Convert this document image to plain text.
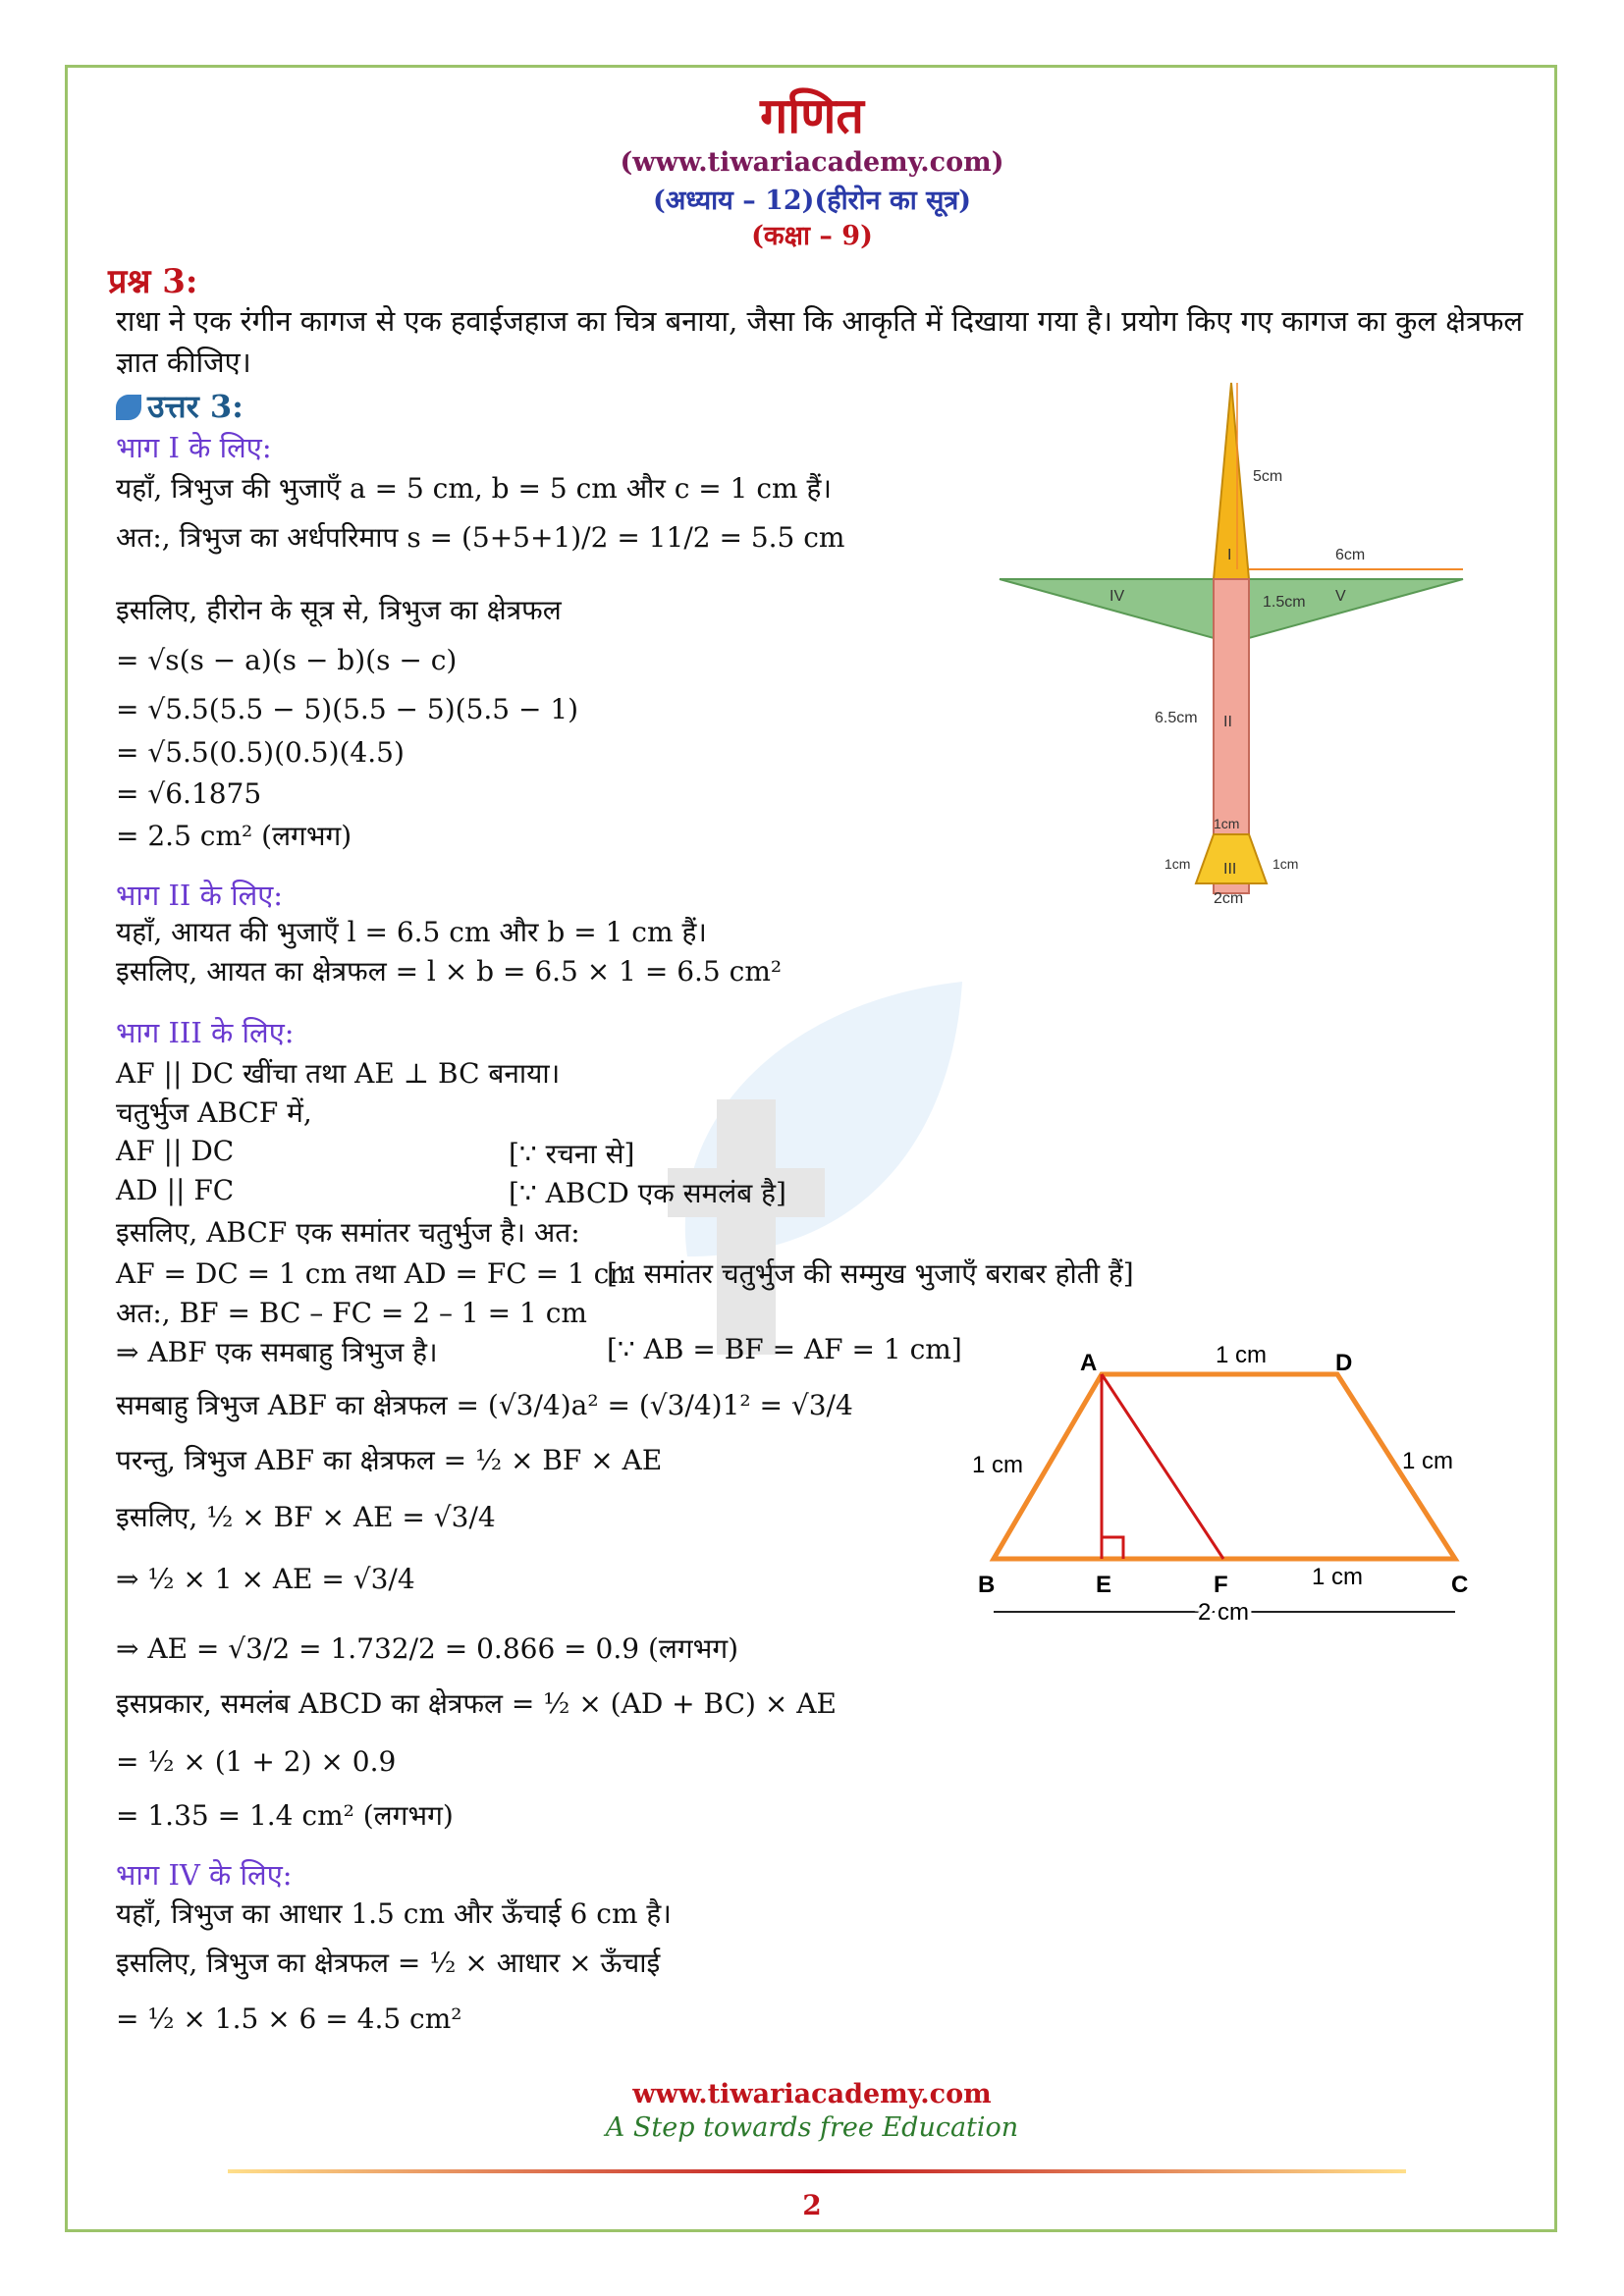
गणित
(www.tiwariacademy.com)
(अध्याय – 12)(हीरोन का सूत्र)
(कक्षा – 9)
प्रश्न 3:
राधा ने एक रंगीन कागज से एक हवाईजहाज का चित्र बनाया, जैसा कि आकृति में दिखाया गया है। प्रयोग किए गए कागज का कुल क्षेत्रफल ज्ञात कीजिए।
उत्तर 3:
भाग I के लिए:
यहाँ, त्रिभुज की भुजाएँ a = 5 cm, b = 5 cm और c = 1 cm हैं।
अत:, त्रिभुज का अर्धपरिमाप s = (5+5+1)/2 = 11/2 = 5.5 cm
इसलिए, हीरोन के सूत्र से, त्रिभुज का क्षेत्रफल
= √s(s − a)(s − b)(s − c)
= √5.5(5.5 − 5)(5.5 − 5)(5.5 − 1)
= √5.5(0.5)(0.5)(4.5)
= √6.1875
= 2.5 cm² (लगभग)
भाग II के लिए:
यहाँ, आयत की भुजाएँ l = 6.5 cm और b = 1 cm हैं।
इसलिए, आयत का क्षेत्रफल = l × b = 6.5 × 1 = 6.5 cm²
भाग III के लिए:
AF || DC खींचा तथा AE ⊥ BC बनाया।
चतुर्भुज ABCF में,
AF || DC	[∵ रचना से]
AD || FC	[∵ ABCD एक समलंब है]
इसलिए, ABCF एक समांतर चतुर्भुज है। अत:
AF = DC = 1 cm तथा AD = FC = 1 cm
[∵ समांतर चतुर्भुज की सम्मुख भुजाएँ बराबर होती हैं]
अत:, BF = BC – FC = 2 – 1 = 1 cm
⇒ ABF एक समबाहु त्रिभुज है।	[∵ AB = BF = AF = 1 cm]
समबाहु त्रिभुज ABF का क्षेत्रफल = (√3/4)a² = (√3/4)1² = √3/4
परन्तु, त्रिभुज ABF का क्षेत्रफल = ½ × BF × AE
इसलिए, ½ × BF × AE = √3/4
⇒ ½ × 1 × AE = √3/4
⇒ AE = √3/2 = 1.732/2 = 0.866 = 0.9 (लगभग)
इसप्रकार, समलंब ABCD का क्षेत्रफल = ½ × (AD + BC) × AE
= ½ × (1 + 2) × 0.9
= 1.35 = 1.4 cm² (लगभग)
भाग IV के लिए:
यहाँ, त्रिभुज का आधार 1.5 cm और ऊँचाई 6 cm है।
इसलिए, त्रिभुज का क्षेत्रफल = ½ × आधार × ऊँचाई
= ½ × 1.5 × 6 = 4.5 cm²
I
II
III
IV	V
5cm
6cm
1.5cm
6.5cm
1cm
1cm	1cm
2cm
A	D
B	E	F	C
1 cm
1 cm	1 cm
1 cm
2 cm
www.tiwariacademy.com
A Step towards free Education
2
